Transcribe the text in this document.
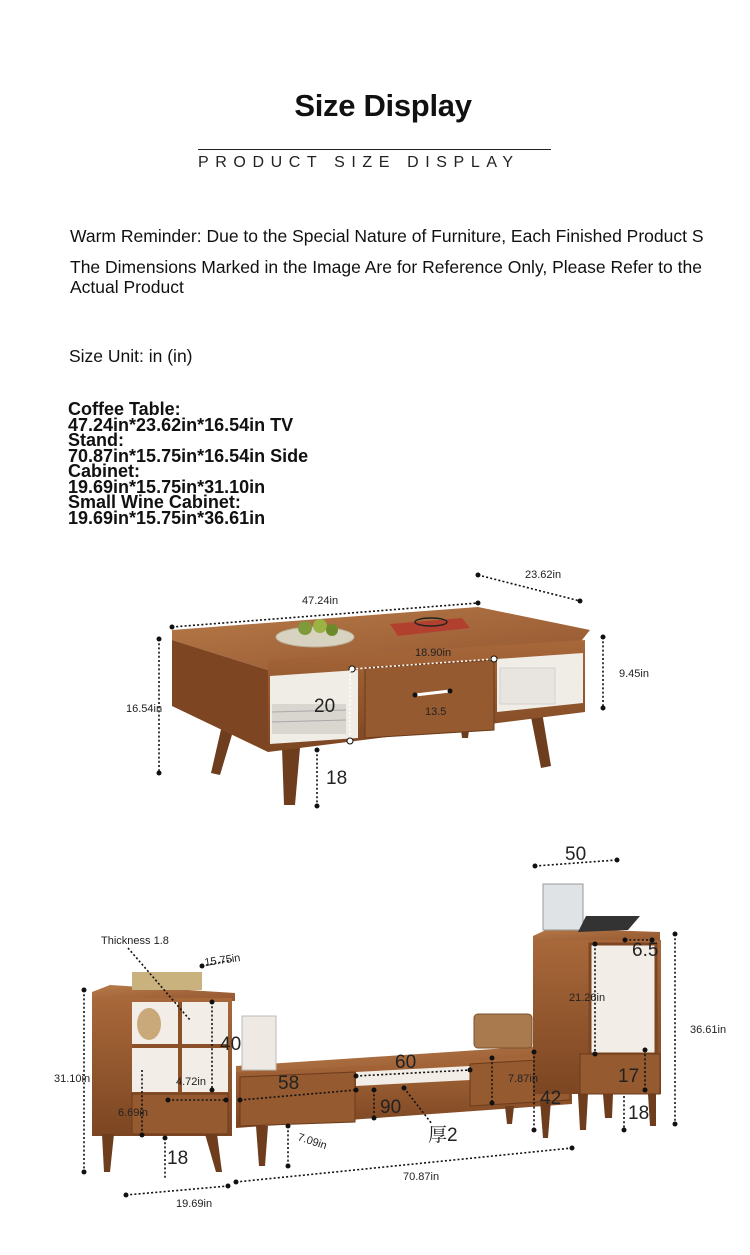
Size Display
PRODUCT SIZE DISPLAY
Warm Reminder: Due to the Special Nature of Furniture, Each Finished Product S
The Dimensions Marked in the Image Are for Reference Only, Please Refer to the Actual Product
Size Unit: in (in)
Coffee Table:
47.24in*23.62in*16.54in TV
Stand:
70.87in*15.75in*16.54in Side
Cabinet:
19.69in*15.75in*31.10in
Small Wine Cabinet:
19.69in*15.75in*36.61in
47.24in
23.62in
16.54in
9.45in
18.90in
13.5
20
18
Thickness 1.8
15.75in
31.10in
19.69in
40
4.72in
6.69in
18
58
60
90
7.09in	厚2
70.87in
7.87in
42
50
6.5
21.26in
36.61in
17
18
